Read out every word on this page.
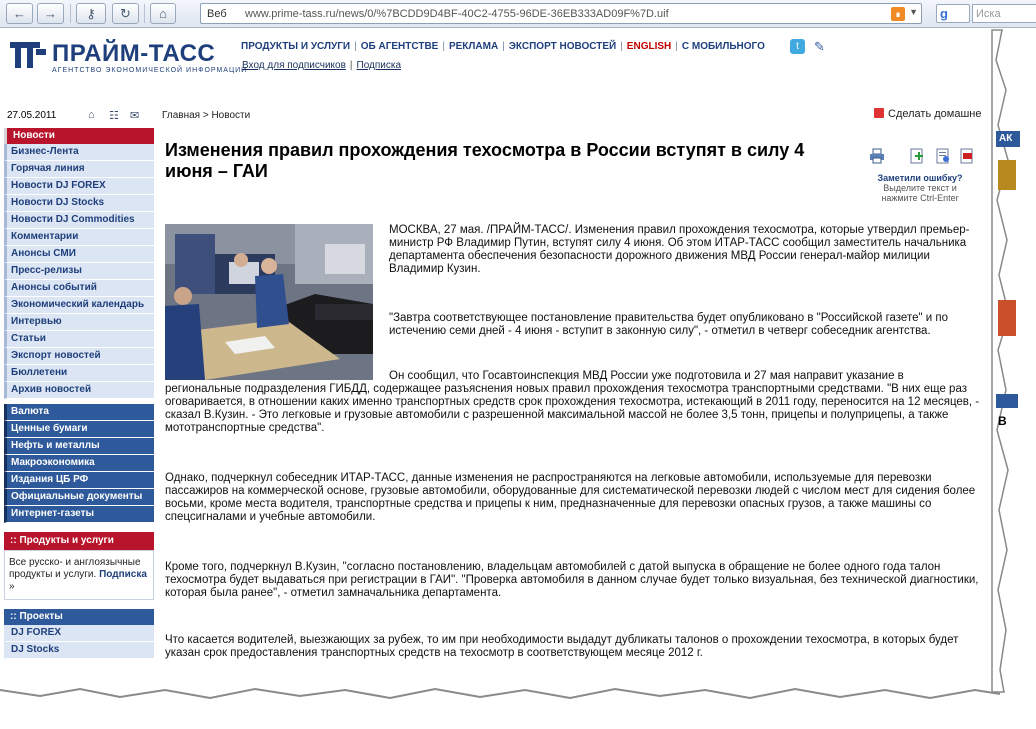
←	→	⚷	↻	⌂	Веб www.prime-tass.ru/news/0/%7BCDD9D4BF-40C2-4755-96DE-36EB333AD09F%7D.uif	∎ ▼ g	Иска
ПРАЙМ-ТАСС
АГЕНТСТВО ЭКОНОМИЧЕСКОЙ ИНФОРМАЦИИ
ПРОДУКТЫ И УСЛУГИ | ОБ АГЕНТСТВЕ | РЕКЛАМА | ЭКСПОРТ НОВОСТЕЙ | ENGLISH | С МОБИЛЬНОГО	t	✎
Вход для подписчиков | Подписка
27.05.2011	⌂ ☷ ✉ Главная > Новости	Сделать домашне
Новости
Бизнес-Лента
Горячая линия
Новости DJ FOREX
Новости DJ Stocks
Новости DJ Commodities
Комментарии
Анонсы СМИ
Пресс-релизы
Анонсы событий
Экономический календарь
Интервью
Статьи
Экспорт новостей
Бюллетени
Архив новостей
Валюта
Ценные бумаги
Нефть и металлы
Макроэкономика
Издания ЦБ РФ
Официальные документы
Интернет-газеты
:: Продукты и услуги
Все русско- и англоязычные продукты и услуги. Подписка »
:: Проекты
DJ FOREX
DJ Stocks
Изменения правил прохождения техосмотра в России вступят в силу 4 июня – ГАИ	Заметили ошибку?
Выделите текст и нажмите Ctrl-Enter

МОСКВА, 27 мая. /ПРАЙМ-ТАСС/. Изменения правил прохождения техосмотра, которые утвердил премьер-министр РФ Владимир Путин, вступят силу 4 июня. Об этом ИТАР-ТАСС сообщил заместитель начальника департамента обеспечения безопасности дорожного движения МВД России генерал-майор милиции Владимир Кузин.

"Завтра соответствующее постановление правительства будет опубликовано в "Российской газете" и по истечению семи дней - 4 июня - вступит в законную силу", - отметил в четверг собеседник агентства.

Он сообщил, что Госавтоинспекция МВД России уже подготовила и 27 мая направит указание в региональные подразделения ГИБДД, содержащее разъяснения новых правил прохождения техосмотра транспортными средствами. "В них еще раз оговаривается, в отношении каких именно транспортных средств срок прохождения техосмотра, истекающий в 2011 году, переносится на 12 месяцев, - сказал В.Кузин. - Это легковые и грузовые автомобили с разрешенной максимальной массой не более 3,5 тонн, прицепы и полуприцепы, а также мототранспортные средства".

Однако, подчеркнул собеседник ИТАР-ТАСС, данные изменения не распространяются на легковые автомобили, используемые для перевозки пассажиров на коммерческой основе, грузовые автомобили, оборудованные для систематической перевозки людей с числом мест для сидения более восьми, кроме места водителя, транспортные средства и прицепы к ним, предназначенные для перевозки опасных грузов, а также машины со спецсигналами и учебные автомобили.

Кроме того, подчеркнул В.Кузин, "согласно постановлению, владельцам автомобилей с датой выпуска в обращение не более одного года талон техосмотра будет выдаваться при регистрации в ГАИ". "Проверка автомобиля в данном случае будет только визуальная, без технической диагностики, которая была ранее", - отметил замначальника департамента.

Что касается водителей, выезжающих за рубеж, то им при необходимости выдадут дубликаты талонов о прохождении техосмотра, в которых будет указан срок предоставления транспортных средств на техосмотр в соответствующем месяце 2012 г.

АК
В
